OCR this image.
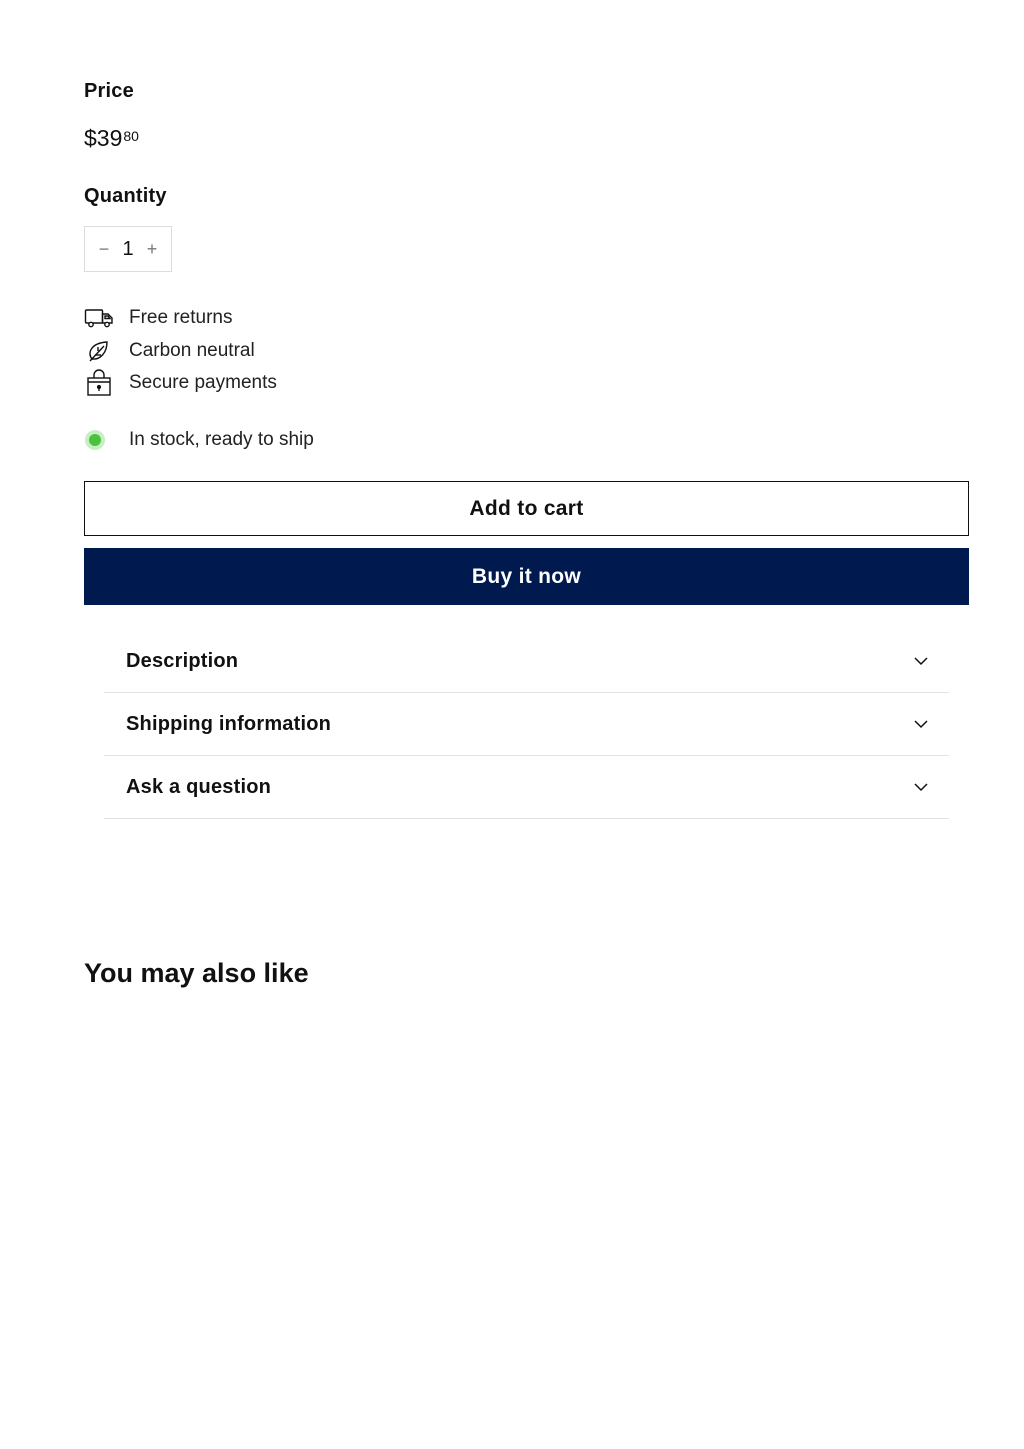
Price
$\$39^{80}$
Quantity
− 1 +
Free returns
Carbon neutral
Secure payments
In stock, ready to ship
Add to cart
Buy it now
Description
Shipping information
Ask a question
You may also like
